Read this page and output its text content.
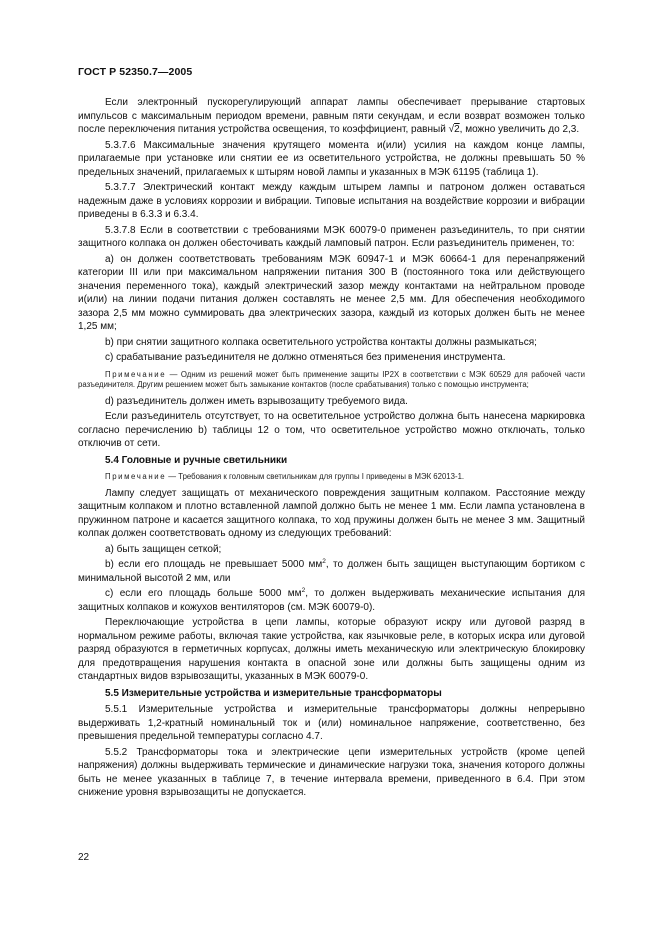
ГОСТ Р 52350.7—2005

Если электронный пускорегулирующий аппарат лампы обеспечивает прерывание стартовых импульсов с максимальным периодом времени, равным пяти секундам, и если возврат возможен только после переключения питания устройства освещения, то коэффициент, равный √2, можно увеличить до 2,3.

5.3.7.6 Максимальные значения крутящего момента и(или) усилия на каждом конце лампы, прилагаемые при установке или снятии ее из осветительного устройства, не должны превышать 50 % предельных значений, прилагаемых к штырям новой лампы и указанных в МЭК 61195 (таблица 1).

5.3.7.7 Электрический контакт между каждым штырем лампы и патроном должен оставаться надежным даже в условиях коррозии и вибрации. Типовые испытания на воздействие коррозии и вибрации приведены в 6.3.3 и 6.3.4.

5.3.7.8 Если в соответствии с требованиями МЭК 60079-0 применен разъединитель, то при снятии защитного колпака он должен обесточивать каждый ламповый патрон. Если разъединитель применен, то:

а) он должен соответствовать требованиям МЭК 60947-1 и МЭК 60664-1 для перенапряжений категории III или при максимальном напряжении питания 300 В (постоянного тока или действующего значения переменного тока), каждый электрический зазор между контактами на нейтральном проводе и(или) на линии подачи питания должен составлять не менее 2,5 мм. Для обеспечения необходимого зазора 2,5 мм можно суммировать два электрических зазора, каждый из которых должен быть не менее 1,25 мм;

b) при снятии защитного колпака осветительного устройства контакты должны размыкаться;

c) срабатывание разъединителя не должно отменяться без применения инструмента.

Примечание — Одним из решений может быть применение защиты IP2X в соответствии с МЭК 60529 для рабочей части разъединителя. Другим решением может быть замыкание контактов (после срабатывания) только с помощью инструмента;

d) разъединитель должен иметь взрывозащиту требуемого вида.

Если разъединитель отсутствует, то на осветительное устройство должна быть нанесена маркировка согласно перечислению b) таблицы 12 о том, что осветительное устройство можно отключать, только отключив от сети.

5.4 Головные и ручные светильники

Примечание — Требования к головным светильникам для группы I приведены в МЭК 62013-1.

Лампу следует защищать от механического повреждения защитным колпаком. Расстояние между защитным колпаком и плотно вставленной лампой должно быть не менее 1 мм. Если лампа установлена в пружинном патроне и касается защитного колпака, то ход пружины должен быть не менее 3 мм. Защитный колпак должен соответствовать одному из следующих требований:

а) быть защищен сеткой;

b) если его площадь не превышает 5000 $мм^2$, то должен быть защищен выступающим бортиком с минимальной высотой 2 мм, или

c) если его площадь больше 5000 $мм^2$, то должен выдерживать механические испытания для защитных колпаков и кожухов вентиляторов (см. МЭК 60079-0).

Переключающие устройства в цепи лампы, которые образуют искру или дуговой разряд в нормальном режиме работы, включая такие устройства, как язычковые реле, в которых искра или дуговой разряд образуются в герметичных корпусах, должны иметь механическую или электрическую блокировку для предотвращения нарушения контакта в опасной зоне или должны быть защищены одним из стандартных видов взрывозащиты, указанных в МЭК 60079-0.

5.5 Измерительные устройства и измерительные трансформаторы

5.5.1 Измерительные устройства и измерительные трансформаторы должны непрерывно выдерживать 1,2-кратный номинальный ток и (или) номинальное напряжение, соответственно, без превышения предельной температуры согласно 4.7.

5.5.2 Трансформаторы тока и электрические цепи измерительных устройств (кроме цепей напряжения) должны выдерживать термические и динамические нагрузки тока, значения которого должны быть не менее указанных в таблице 7, в течение интервала времени, приведенного в 6.4. При этом снижение уровня взрывозащиты не допускается.

22
